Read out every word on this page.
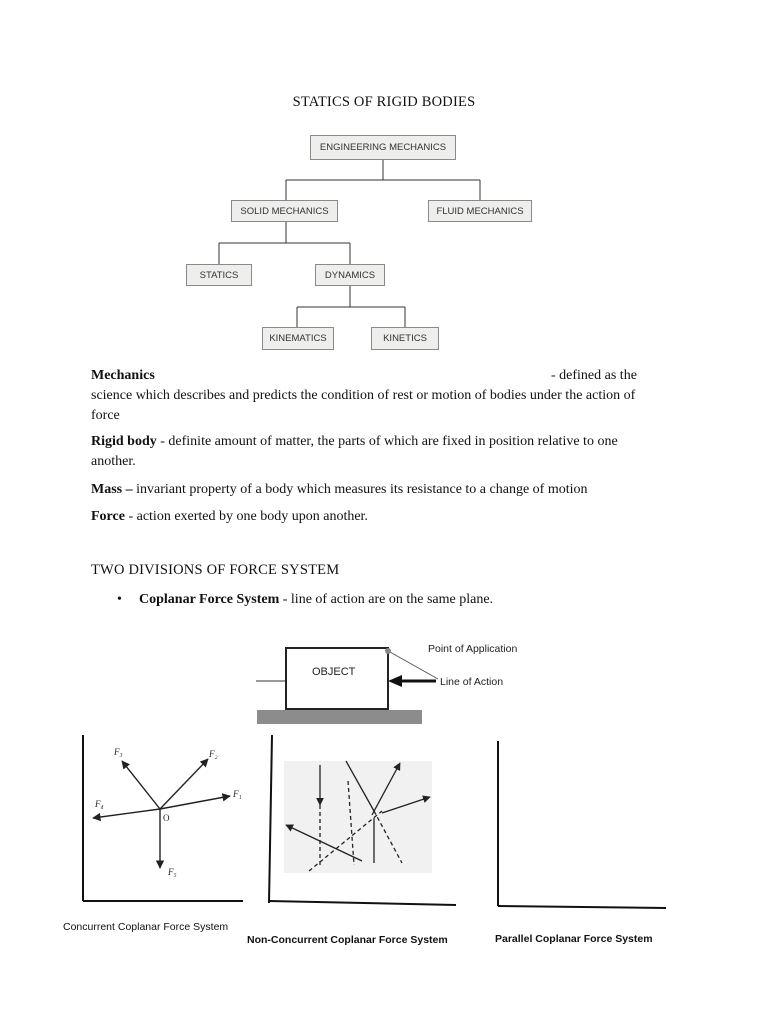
STATICS OF RIGID BODIES
ENGINEERING MECHANICS
SOLID MECHANICS	FLUID MECHANICS
STATICS	DYNAMICS
KINEMATICS	KINETICS
Mechanics	- defined as the

science which describes and predicts the condition of rest or motion of bodies under the action of
force
Rigid body - definite amount of matter, the parts of which are fixed in position relative to one
another.
Mass – invariant property of a body which measures its resistance to a change of motion
Force - action exerted by one body upon another.
TWO DIVISIONS OF FORCE SYSTEM
• Coplanar Force System - line of action are on the same plane.
OBJECT
Point of Application
Line of Action
F₃	F₂
F₄
F₁
F₅
O
Concurrent Coplanar Force System
Non-Concurrent Coplanar Force System	Parallel Coplanar Force System
